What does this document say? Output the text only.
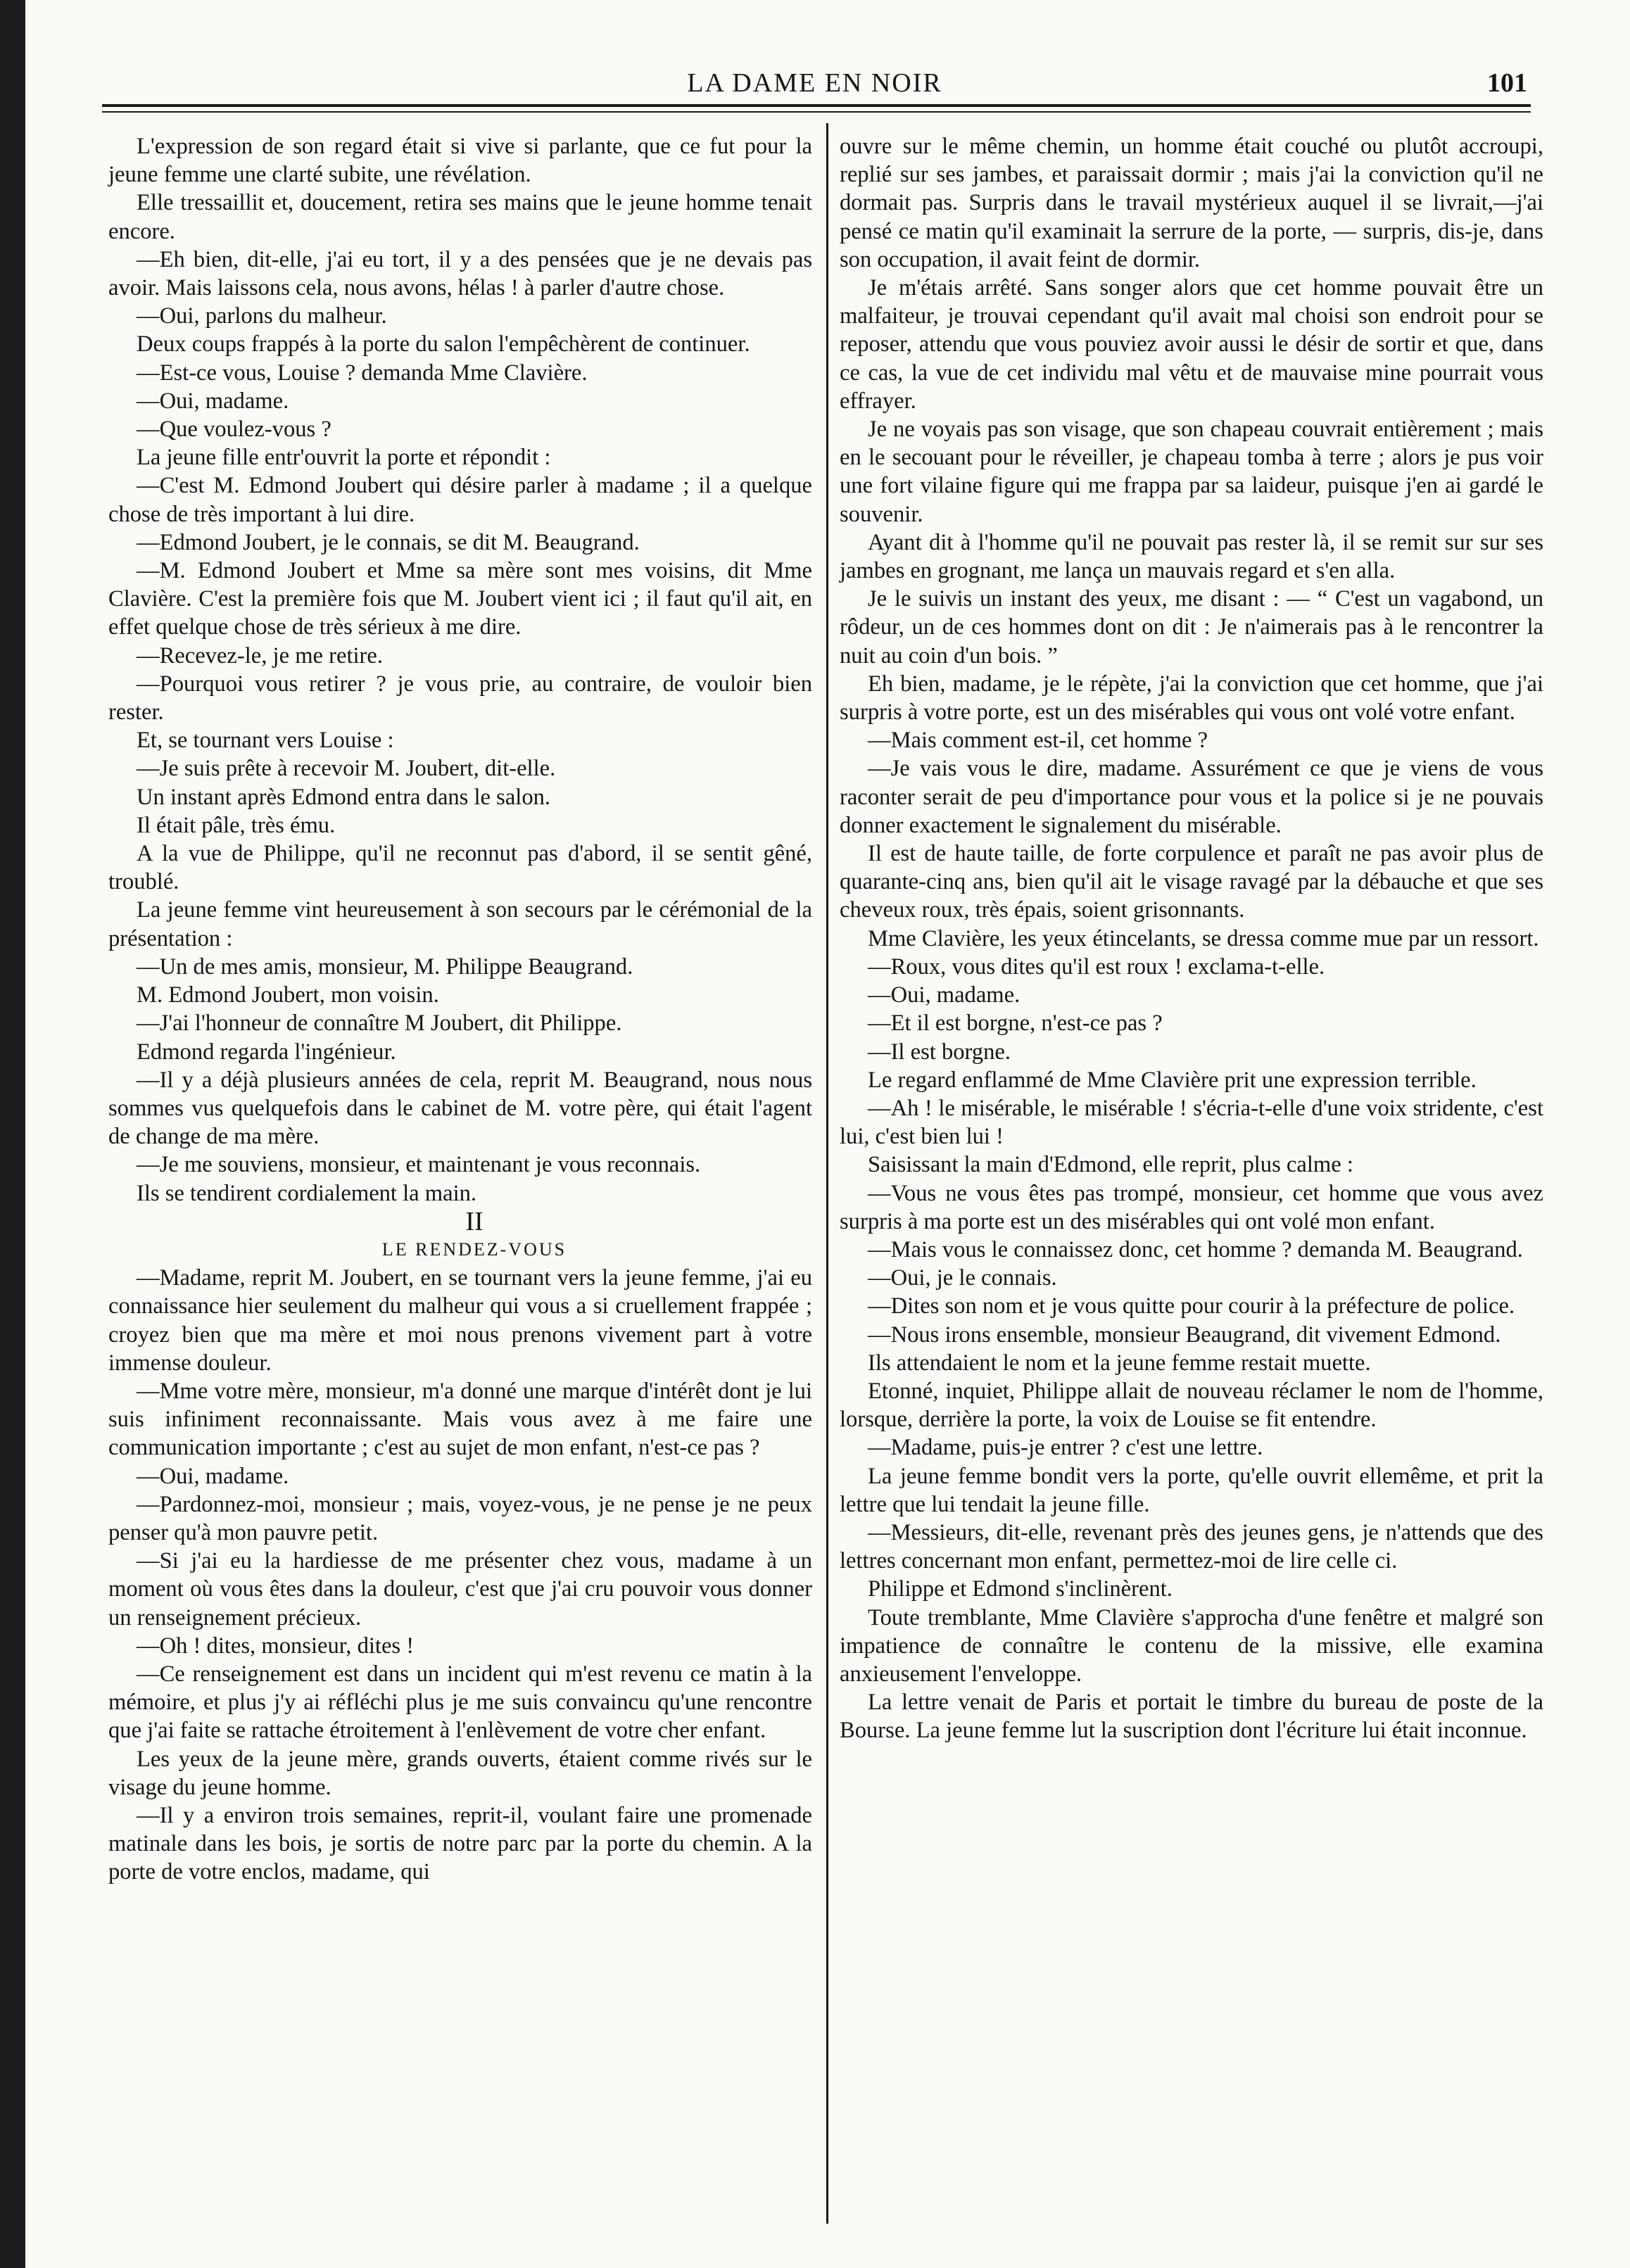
LA DAME EN NOIR	101

L'expression de son regard était si vive si parlante, que ce fut pour la jeune femme une clarté subite, une révélation.

Elle tressaillit et, doucement, retira ses mains que le jeune homme tenait encore.

—Eh bien, dit-elle, j'ai eu tort, il y a des pensées que je ne devais pas avoir. Mais laissons cela, nous avons, hélas ! à parler d'autre chose.

—Oui, parlons du malheur.

Deux coups frappés à la porte du salon l'empêchèrent de continuer.

—Est-ce vous, Louise ? demanda Mme Clavière.

—Oui, madame.

—Que voulez-vous ?

La jeune fille entr'ouvrit la porte et répondit :

—C'est M. Edmond Joubert qui désire parler à madame ; il a quelque chose de très important à lui dire.

—Edmond Joubert, je le connais, se dit M. Beaugrand.

—M. Edmond Joubert et Mme sa mère sont mes voisins, dit Mme Clavière. C'est la première fois que M. Joubert vient ici ; il faut qu'il ait, en effet quelque chose de très sérieux à me dire.

—Recevez-le, je me retire.

—Pourquoi vous retirer ? je vous prie, au contraire, de vouloir bien rester.

Et, se tournant vers Louise :

—Je suis prête à recevoir M. Joubert, dit-elle.

Un instant après Edmond entra dans le salon.

Il était pâle, très ému.

A la vue de Philippe, qu'il ne reconnut pas d'abord, il se sentit gêné, troublé.

La jeune femme vint heureusement à son secours par le cérémonial de la présentation :

—Un de mes amis, monsieur, M. Philippe Beaugrand.

M. Edmond Joubert, mon voisin.

—J'ai l'honneur de connaître M Joubert, dit Philippe.

Edmond regarda l'ingénieur.

—Il y a déjà plusieurs années de cela, reprit M. Beaugrand, nous nous sommes vus quelquefois dans le cabinet de M. votre père, qui était l'agent de change de ma mère.

—Je me souviens, monsieur, et maintenant je vous reconnais.

Ils se tendirent cordialement la main.

II

LE RENDEZ-VOUS

—Madame, reprit M. Joubert, en se tournant vers la jeune femme, j'ai eu connaissance hier seulement du malheur qui vous a si cruellement frappée ; croyez bien que ma mère et moi nous prenons vivement part à votre immense douleur.

—Mme votre mère, monsieur, m'a donné une marque d'intérêt dont je lui suis infiniment reconnaissante. Mais vous avez à me faire une communication importante ; c'est au sujet de mon enfant, n'est-ce pas ?

—Oui, madame.

—Pardonnez-moi, monsieur ; mais, voyez-vous, je ne pense je ne peux penser qu'à mon pauvre petit.

—Si j'ai eu la hardiesse de me présenter chez vous, madame à un moment où vous êtes dans la douleur, c'est que j'ai cru pouvoir vous donner un renseignement précieux.

—Oh ! dites, monsieur, dites !

—Ce renseignement est dans un incident qui m'est revenu ce matin à la mémoire, et plus j'y ai réfléchi plus je me suis convaincu qu'une rencontre que j'ai faite se rattache étroitement à l'enlèvement de votre cher enfant.

Les yeux de la jeune mère, grands ouverts, étaient comme rivés sur le visage du jeune homme.

—Il y a environ trois semaines, reprit-il, voulant faire une promenade matinale dans les bois, je sortis de notre parc par la porte du chemin. A la porte de votre enclos, madame, qui

ouvre sur le même chemin, un homme était couché ou plutôt accroupi, replié sur ses jambes, et paraissait dormir ; mais j'ai la conviction qu'il ne dormait pas. Surpris dans le travail mystérieux auquel il se livrait,—j'ai pensé ce matin qu'il examinait la serrure de la porte, — surpris, dis-je, dans son occupation, il avait feint de dormir.

Je m'étais arrêté. Sans songer alors que cet homme pouvait être un malfaiteur, je trouvai cependant qu'il avait mal choisi son endroit pour se reposer, attendu que vous pouviez avoir aussi le désir de sortir et que, dans ce cas, la vue de cet individu mal vêtu et de mauvaise mine pourrait vous effrayer.

Je ne voyais pas son visage, que son chapeau couvrait entièrement ; mais en le secouant pour le réveiller, je chapeau tomba à terre ; alors je pus voir une fort vilaine figure qui me frappa par sa laideur, puisque j'en ai gardé le souvenir.

Ayant dit à l'homme qu'il ne pouvait pas rester là, il se remit sur sur ses jambes en grognant, me lança un mauvais regard et s'en alla.

Je le suivis un instant des yeux, me disant : — “ C'est un vagabond, un rôdeur, un de ces hommes dont on dit : Je n'aimerais pas à le rencontrer la nuit au coin d'un bois. ”

Eh bien, madame, je le répète, j'ai la conviction que cet homme, que j'ai surpris à votre porte, est un des misérables qui vous ont volé votre enfant.

—Mais comment est-il, cet homme ?

—Je vais vous le dire, madame. Assurément ce que je viens de vous raconter serait de peu d'importance pour vous et la police si je ne pouvais donner exactement le signalement du misérable.

Il est de haute taille, de forte corpulence et paraît ne pas avoir plus de quarante-cinq ans, bien qu'il ait le visage ravagé par la débauche et que ses cheveux roux, très épais, soient grisonnants.

Mme Clavière, les yeux étincelants, se dressa comme mue par un ressort.

—Roux, vous dites qu'il est roux ! exclama-t-elle.

—Oui, madame.

—Et il est borgne, n'est-ce pas ?

—Il est borgne.

Le regard enflammé de Mme Clavière prit une expression terrible.

—Ah ! le misérable, le misérable ! s'écria-t-elle d'une voix stridente, c'est lui, c'est bien lui !

Saisissant la main d'Edmond, elle reprit, plus calme :

—Vous ne vous êtes pas trompé, monsieur, cet homme que vous avez surpris à ma porte est un des misérables qui ont volé mon enfant.

—Mais vous le connaissez donc, cet homme ? demanda M. Beaugrand.

—Oui, je le connais.

—Dites son nom et je vous quitte pour courir à la préfecture de police.

—Nous irons ensemble, monsieur Beaugrand, dit vivement Edmond.

Ils attendaient le nom et la jeune femme restait muette.

Etonné, inquiet, Philippe allait de nouveau réclamer le nom de l'homme, lorsque, derrière la porte, la voix de Louise se fit entendre.

—Madame, puis-je entrer ? c'est une lettre.

La jeune femme bondit vers la porte, qu'elle ouvrit ellemême, et prit la lettre que lui tendait la jeune fille.

—Messieurs, dit-elle, revenant près des jeunes gens, je n'attends que des lettres concernant mon enfant, permettez-moi de lire celle ci.

Philippe et Edmond s'inclinèrent.

Toute tremblante, Mme Clavière s'approcha d'une fenêtre et malgré son impatience de connaître le contenu de la missive, elle examina anxieusement l'enveloppe.

La lettre venait de Paris et portait le timbre du bureau de poste de la Bourse. La jeune femme lut la suscription dont l'écriture lui était inconnue.
